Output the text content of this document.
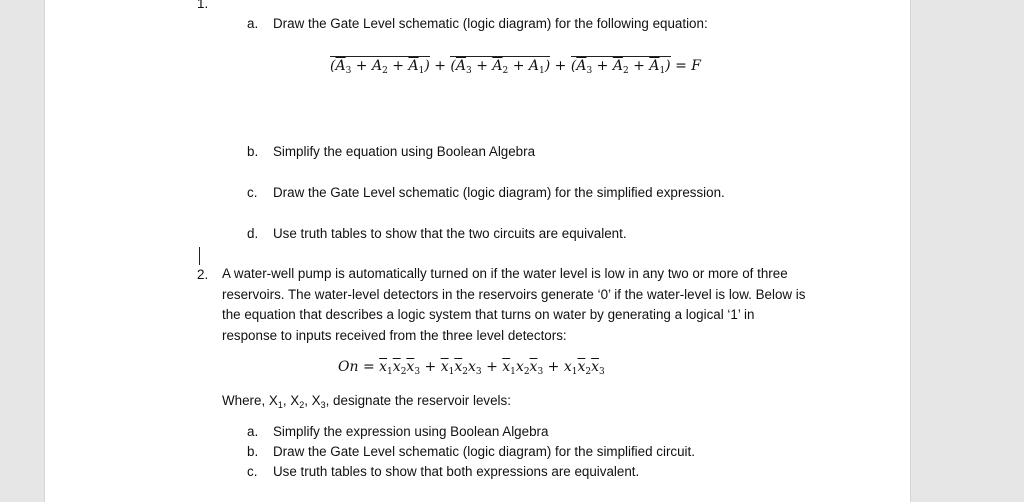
1.
a. Draw the Gate Level schematic (logic diagram) for the following equation:
$(\overline{A}_3 + A_2 + \overline{A}_1) + (\overline{A}_3 + \overline{A}_2 + A_1) + (\overline{A}_3 + \overline{A}_2 + \overline{A}_1) = F$
b. Simplify the equation using Boolean Algebra
c. Draw the Gate Level schematic (logic diagram) for the simplified expression.
d. Use truth tables to show that the two circuits are equivalent.
2. A water-well pump is automatically turned on if the water level is low in any two or more of three reservoirs. The water-level detectors in the reservoirs generate ‘0’ if the water-level is low. Below is the equation that describes a logic system that turns on water by generating a logical ‘1’ in response to inputs received from the three level detectors:
$On = \overline{x}_1\overline{x}_2\overline{x}_3 + \overline{x}_1\overline{x}_2x_3 + \overline{x}_1x_2\overline{x}_3 + x_1\overline{x}_2\overline{x}_3$
Where, $X_1$, $X_2$, $X_3$, designate the reservoir levels:
a. Simplify the expression using Boolean Algebra
b. Draw the Gate Level schematic (logic diagram) for the simplified circuit.
c. Use truth tables to show that both expressions are equivalent.
